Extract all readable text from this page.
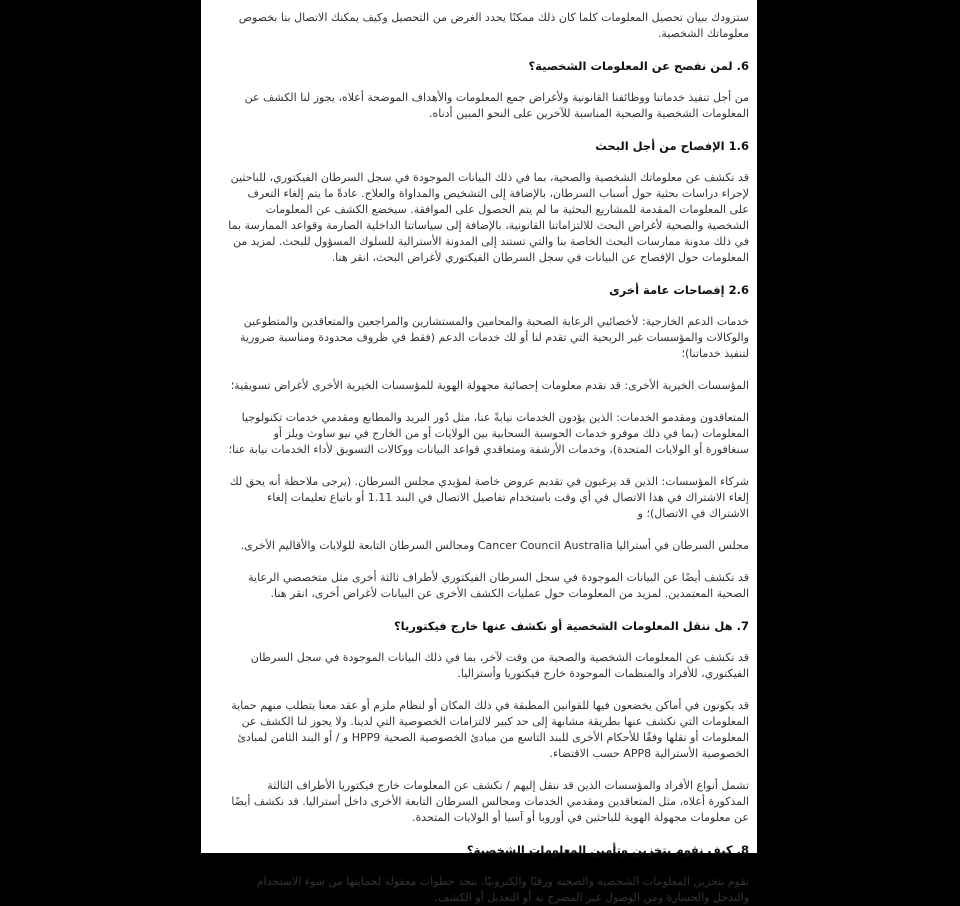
ستزودك ببيان تحصيل المعلومات كلما كان ذلك ممكنًا يحدد الغرض من التحصيل وكيف يمكنك الاتصال بنا بخصوص معلوماتك الشخصية.

6. لمن نفصح عن المعلومات الشخصية؟

من أجل تنفيذ خدماتنا ووظائفنا القانونية ولأغراض جمع المعلومات والأهداف الموضحة أعلاه، يجوز لنا الكشف عن المعلومات الشخصية والصحية المناسبة للآخرين على النحو المبين أدناه.

1.6 الإفصاح من أجل البحث

قد نكشف عن معلوماتك الشخصية والصحية، بما في ذلك البيانات الموجودة في سجل السرطان الفيكتوري، للباحثين لإجراء دراسات بحثية حول أسباب السرطان، بالإضافة إلى التشخيص والمداواة والعلاج. عادةً ما يتم إلغاء التعرف على المعلومات المقدمة للمشاريع البحثية ما لم يتم الحصول على الموافقة. سيخضع الكشف عن المعلومات الشخصية والصحية لأغراض البحث للالتزاماتنا القانونية، بالإضافة إلى سياساتنا الداخلية الصارمة وقواعد الممارسة بما في ذلك مدونة ممارسات البحث الخاصة بنا والتي تستند إلى المدونة الأسترالية للسلوك المسؤول للبحث. لمزيد من المعلومات حول الإفصاح عن البيانات في سجل السرطان الفيكتوري لأغراض البحث، انقر هنا.

2.6 إفصاحات عامة أخرى

خدمات الدعم الخارجية: لأخصائيي الرعاية الصحية والمحامين والمستشارين والمراجعين والمتعاقدين والمتطوعين والوكالات والمؤسسات غير الربحية التي تقدم لنا أو لك خدمات الدعم (فقط في ظروف محدودة ومناسبة ضرورية لتنفيذ خدماتنا)؛

المؤسسات الخيرية الأخرى: قد نقدم معلومات إحصائية مجهولة الهوية للمؤسسات الخيرية الأخرى لأغراض تسويقية؛

المتعاقدون ومقدمو الخدمات: الذين يؤدون الخدمات نيابةً عنا، مثل دُور البريد والمطابع ومقدمي خدمات تكنولوجيا المعلومات (بما في ذلك موفرو خدمات الحوسبة السحابية بين الولايات أو من الخارج في نيو ساوث ويلز أو سنغافورة أو الولايات المتحدة)، وخدمات الأرشفة ومتعاقدي قواعد البيانات ووكالات التسويق لأداء الخدمات نيابة عنا؛

شركاء المؤسسات: الذين قد يرغبون في تقديم عروض خاصة لمؤيدي مجلس السرطان. (يرجى ملاحظة أنه يحق لك إلغاء الاشتراك في هذا الاتصال في أي وقت باستخدام تفاصيل الاتصال في البند 1.11 أو باتباع تعليمات إلغاء الاشتراك في الاتصال)؛ و

مجلس السرطان في أستراليا Cancer Council Australia ومجالس السرطان التابعة للولايات والأقاليم الأخرى.

قد نكشف أيضًا عن البيانات الموجودة في سجل السرطان الفيكتوري لأطراف ثالثة أخرى مثل متخصصي الرعاية الصحية المعتمدين. لمزيد من المعلومات حول عمليات الكشف الأخرى عن البيانات لأغراض أخرى، انقر هنا.

7. هل ننقل المعلومات الشخصية أو نكشف عنها خارج فيكتوريا؟

قد نكشف عن المعلومات الشخصية والصحية من وقت لآخر، بما في ذلك البيانات الموجودة في سجل السرطان الفيكتوري، للأفراد والمنظمات الموجودة خارج فيكتوريا وأستراليا.

قد يكونون في أماكن يخضعون فيها للقوانين المطبقة في ذلك المكان أو لنظام ملزم أو عقد معنا يتطلب منهم حماية المعلومات التي نكشف عنها بطريقة مشابهة إلى حد كبير لالتزامات الخصوصية التي لدينا. ولا يجوز لنا الكشف عن المعلومات أو نقلها وفقًا للأحكام الأخرى للبند التاسع من مبادئ الخصوصية الصحية HPP9 و / أو البند الثامن لمبادئ الخصوصية الأسترالية APP8 حسب الاقتضاء.

تشمل أنواع الأفراد والمؤسسات الذين قد ننقل إليهم / نكشف عن المعلومات خارج فيكتوريا الأطراف الثالثة المذكورة أعلاه، مثل المتعاقدين ومقدمي الخدمات ومجالس السرطان التابعة الأخرى داخل أستراليا. قد نكشف أيضًا عن معلومات مجهولة الهوية للباحثين في أوروبا أو آسيا أو الولايات المتحدة.

8. كيف نقوم بتخزين وتأمين المعلومات الشخصية؟

نقوم بتخزين المعلومات الشخصية والصحية ورقيًا والكترونيًا. نتخذ خطوات معقولة لحمايتها من سوء الاستخدام والتدخل والخسارة ومن الوصول غير المصرح به أو التعديل أو الكشف.
